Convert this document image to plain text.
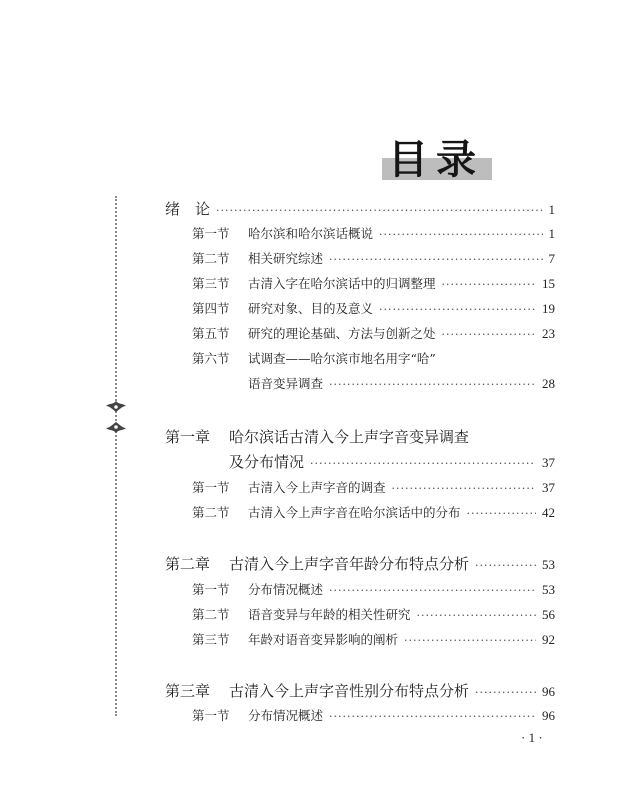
目录
绪　论 ·····	1
第一节 哈尔滨和哈尔滨话概说 ·····	1
第二节 相关研究综述 ·····	7
第三节 古清入字在哈尔滨话中的归调整理 ·····	15
第四节 研究对象、目的及意义 ·····	19
第五节 研究的理论基础、方法与创新之处 ·····	23
第六节 试调查——哈尔滨市地名用字“哈”
语音变异调查 ·····	28
第一章 哈尔滨话古清入今上声字音变异调查
及分布情况 ·····	37
第一节 古清入今上声字音的调查 ·····	37
第二节 古清入今上声字音在哈尔滨话中的分布 ·····	42
第二章 古清入今上声字音年龄分布特点分析 ·····	53
第一节 分布情况概述 ·····	53
第二节 语音变异与年龄的相关性研究 ·····	56
第三节 年龄对语音变异影响的阐析 ·····	92
第三章 古清入今上声字音性别分布特点分析 ·····	96
第一节 分布情况概述 ·····	96
· 1 ·
